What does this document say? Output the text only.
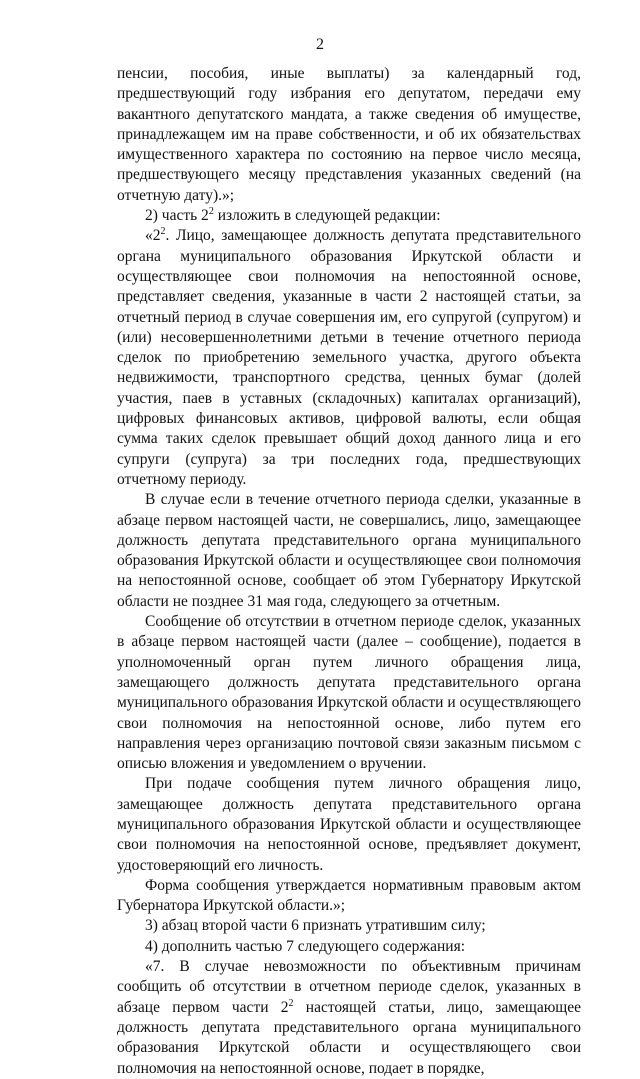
2

пенсии, пособия, иные выплаты) за календарный год, предшествующий году избрания его депутатом, передачи ему вакантного депутатского мандата, а также сведения об имуществе, принадлежащем им на праве собственности, и об их обязательствах имущественного характера по состоянию на первое число месяца, предшествующего месяцу представления указанных сведений (на отчетную дату).»;

2) часть $2^2$ изложить в следующей редакции:

«$2^2$. Лицо, замещающее должность депутата представительного органа муниципального образования Иркутской области и осуществляющее свои полномочия на непостоянной основе, представляет сведения, указанные в части 2 настоящей статьи, за отчетный период в случае совершения им, его супругой (супругом) и (или) несовершеннолетними детьми в течение отчетного периода сделок по приобретению земельного участка, другого объекта недвижимости, транспортного средства, ценных бумаг (долей участия, паев в уставных (складочных) капиталах организаций), цифровых финансовых активов, цифровой валюты, если общая сумма таких сделок превышает общий доход данного лица и его супруги (супруга) за три последних года, предшествующих отчетному периоду.

В случае если в течение отчетного периода сделки, указанные в абзаце первом настоящей части, не совершались, лицо, замещающее должность депутата представительного органа муниципального образования Иркутской области и осуществляющее свои полномочия на непостоянной основе, сообщает об этом Губернатору Иркутской области не позднее 31 мая года, следующего за отчетным.

Сообщение об отсутствии в отчетном периоде сделок, указанных в абзаце первом настоящей части (далее – сообщение), подается в уполномоченный орган путем личного обращения лица, замещающего должность депутата представительного органа муниципального образования Иркутской области и осуществляющего свои полномочия на непостоянной основе, либо путем его направления через организацию почтовой связи заказным письмом с описью вложения и уведомлением о вручении.

При подаче сообщения путем личного обращения лицо, замещающее должность депутата представительного органа муниципального образования Иркутской области и осуществляющее свои полномочия на непостоянной основе, предъявляет документ, удостоверяющий его личность.

Форма сообщения утверждается нормативным правовым актом Губернатора Иркутской области.»;

3) абзац второй части 6 признать утратившим силу;

4) дополнить частью 7 следующего содержания:

«7. В случае невозможности по объективным причинам сообщить об отсутствии в отчетном периоде сделок, указанных в абзаце первом части $2^2$ настоящей статьи, лицо, замещающее должность депутата представительного органа муниципального образования Иркутской области и осуществляющего свои полномочия на непостоянной основе, подает в порядке,
